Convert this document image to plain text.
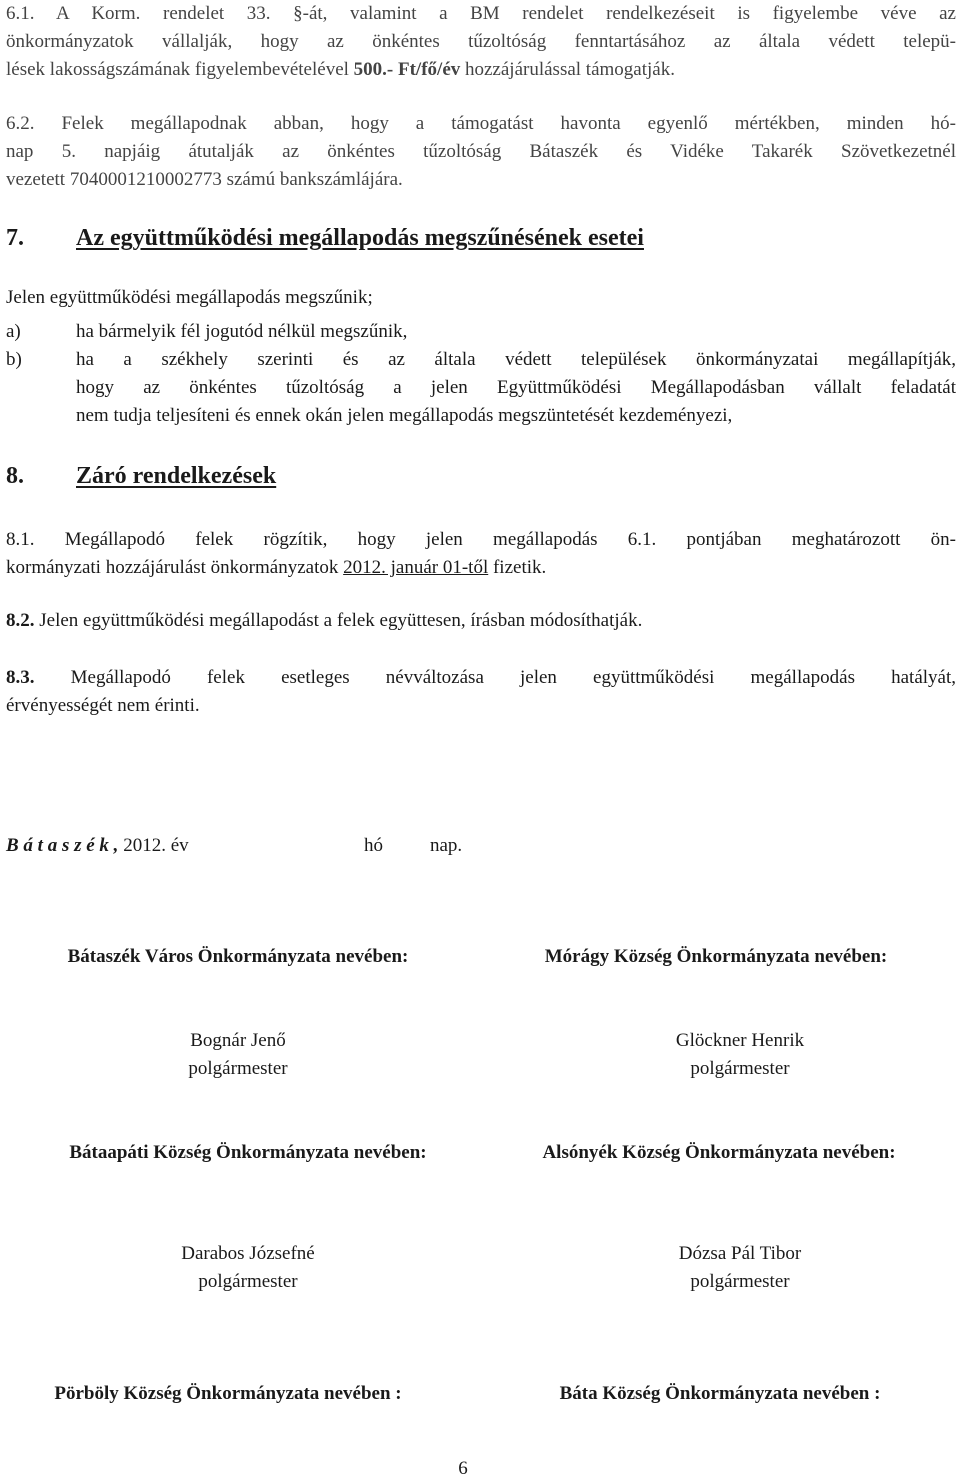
6.1. A Korm. rendelet 33. §-át, valamint a BM rendelet rendelkezéseit is figyelembe véve az
önkormányzatok vállalják, hogy az önkéntes tűzoltóság fenntartásához az általa védett telepü-
lések lakosságszámának figyelembevételével 500.- Ft/fő/év hozzájárulással támogatják.
6.2. Felek megállapodnak abban, hogy a támogatást havonta egyenlő mértékben, minden hó-
nap 5. napjáig átutalják az önkéntes tűzoltóság Bátaszék és Vidéke Takarék Szövetkezetnél
vezetett 7040001210002773 számú bankszámlájára.
7. Az együttműködési megállapodás megszűnésének esetei
Jelen együttműködési megállapodás megszűnik;
a)	ha bármelyik fél jogutód nélkül megszűnik,
b)	ha a székhely szerinti és az általa védett települések önkormányzatai megállapítják,
hogy az önkéntes tűzoltóság a jelen Együttműködési Megállapodásban vállalt feladatát
nem tudja teljesíteni és ennek okán jelen megállapodás megszüntetését kezdeményezi,
8. Záró rendelkezések
8.1. Megállapodó felek rögzítik, hogy jelen megállapodás 6.1. pontjában meghatározott ön-
kormányzati hozzájárulást önkormányzatok 2012. január 01-től fizetik.
8.2. Jelen együttműködési megállapodást a felek együttesen, írásban módosíthatják.
8.3. Megállapodó felek esetleges névváltozása jelen együttműködési megállapodás hatályát,
érvényességét nem érinti.
B á t a s z é k , 2012. év	hó nap.
Bátaszék Város Önkormányzata nevében:	Mórágy Község Önkormányzata nevében:
Bognár Jenő
polgármester
Glöckner Henrik
polgármester
Bátaapáti Község Önkormányzata nevében:	Alsónyék Község Önkormányzata nevében:
Darabos Józsefné
polgármester
Dózsa Pál Tibor
polgármester
Pörböly Község Önkormányzata nevében :	Báta Község Önkormányzata nevében :
6
